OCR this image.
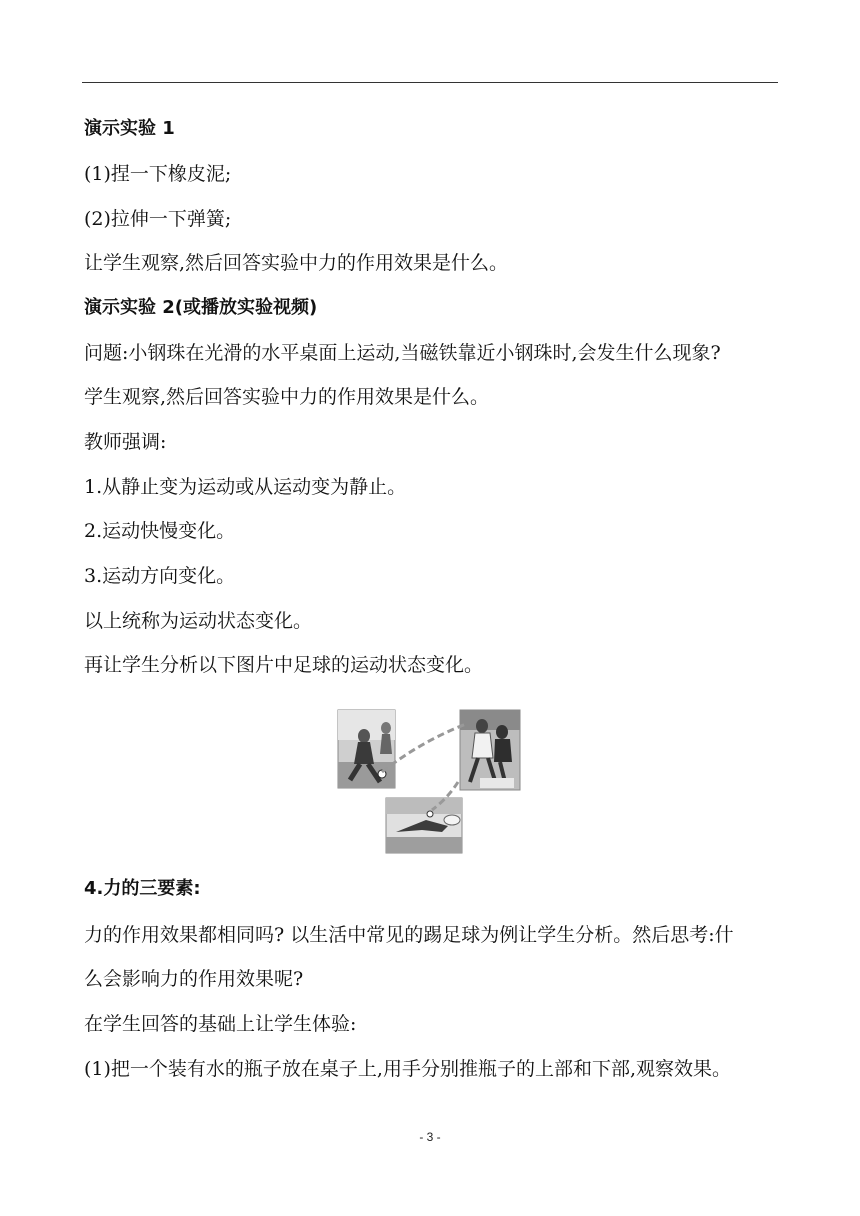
演示实验 1
(1)捏一下橡皮泥;
(2)拉伸一下弹簧;
让学生观察,然后回答实验中力的作用效果是什么。
演示实验 2(或播放实验视频)
问题:小钢珠在光滑的水平桌面上运动,当磁铁靠近小钢珠时,会发生什么现象?
学生观察,然后回答实验中力的作用效果是什么。
教师强调:
1.从静止变为运动或从运动变为静止。
2.运动快慢变化。
3.运动方向变化。
以上统称为运动状态变化。
再让学生分析以下图片中足球的运动状态变化。
4.力的三要素:
力的作用效果都相同吗? 以生活中常见的踢足球为例让学生分析。然后思考:什
么会影响力的作用效果呢?
在学生回答的基础上让学生体验:
(1)把一个装有水的瓶子放在桌子上,用手分别推瓶子的上部和下部,观察效果。
- 3 -
